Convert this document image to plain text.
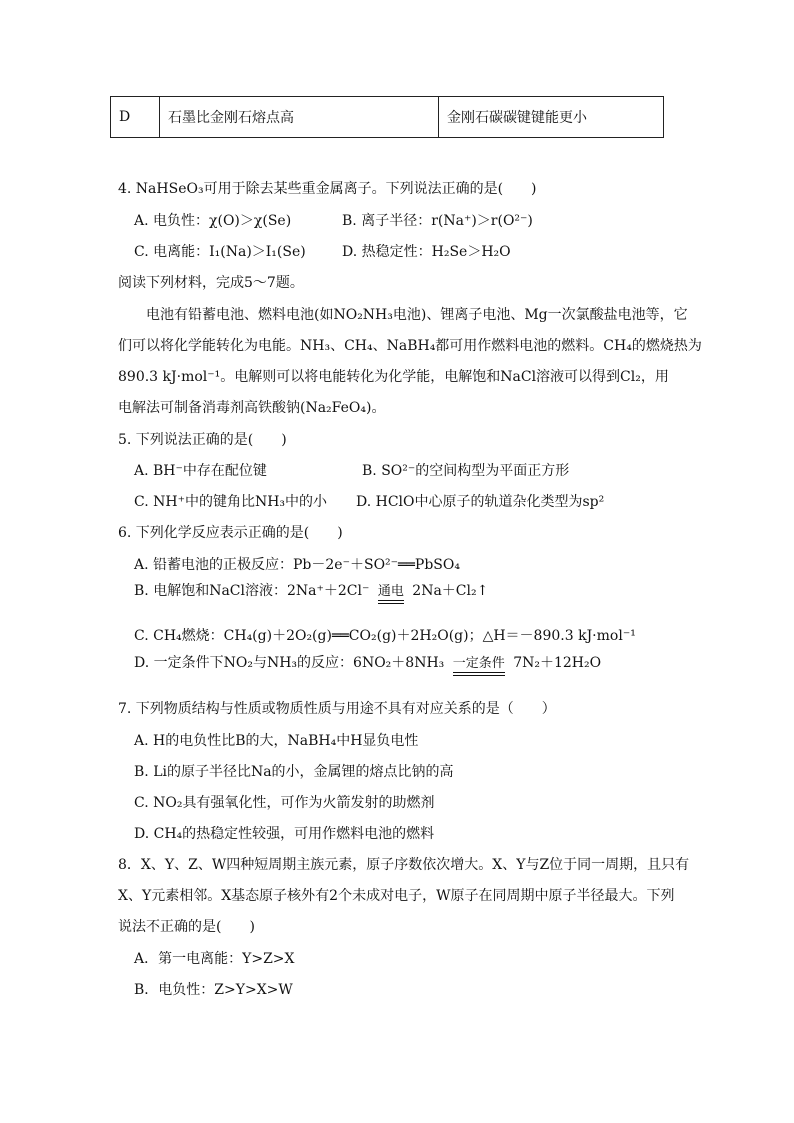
D	石墨比金刚石熔点高	金刚石碳碳键键能更小
4. NaHSeO₃可用于除去某些重金属离子。下列说法正确的是(　　)
A. 电负性：χ(O)＞χ(Se)	B. 离子半径：r(Na⁺)＞r(O²⁻)
C. 电离能：I₁(Na)＞I₁(Se)	D. 热稳定性：H₂Se＞H₂O
阅读下列材料，完成5～7题。
电池有铅蓄电池、燃料电池(如NO₂NH₃电池)、锂离子电池、Mg一次氯酸盐电池等，它
们可以将化学能转化为电能。NH₃、CH₄、NaBH₄都可用作燃料电池的燃料。CH₄的燃烧热为
890.3 kJ·mol⁻¹。电解则可以将电能转化为化学能，电解饱和NaCl溶液可以得到Cl₂，用
电解法可制备消毒剂高铁酸钠(Na₂FeO₄)。
5. 下列说法正确的是(　　)
A. BH⁻中存在配位键	B. SO²⁻的空间构型为平面正方形
C. NH⁺中的键角比NH₃中的小 D. HClO中心原子的轨道杂化类型为sp²
6. 下列化学反应表示正确的是(　　)
A. 铅蓄电池的正极反应：Pb－2e⁻＋SO²⁻══PbSO₄
B. 电解饱和NaCl溶液：2Na⁺＋2Cl⁻ 通电 2Na＋Cl₂↑
C. CH₄燃烧：CH₄(g)＋2O₂(g)══CO₂(g)＋2H₂O(g)；△H＝－890.3 kJ·mol⁻¹
D. 一定条件下NO₂与NH₃的反应：6NO₂＋8NH₃ 一定条件 7N₂＋12H₂O
7. 下列物质结构与性质或物质性质与用途不具有对应关系的是（　　）
A. H的电负性比B的大，NaBH₄中H显负电性
B. Li的原子半径比Na的小，金属锂的熔点比钠的高
C. NO₂具有强氧化性，可作为火箭发射的助燃剂
D. CH₄的热稳定性较强，可用作燃料电池的燃料
8．X、Y、Z、W四种短周期主族元素，原子序数依次增大。X、Y与Z位于同一周期，且只有
X、Y元素相邻。X基态原子核外有2个未成对电子，W原子在同周期中原子半径最大。下列
说法不正确的是(　　)
A．第一电离能：Y>Z>X
B．电负性：Z>Y>X>W
